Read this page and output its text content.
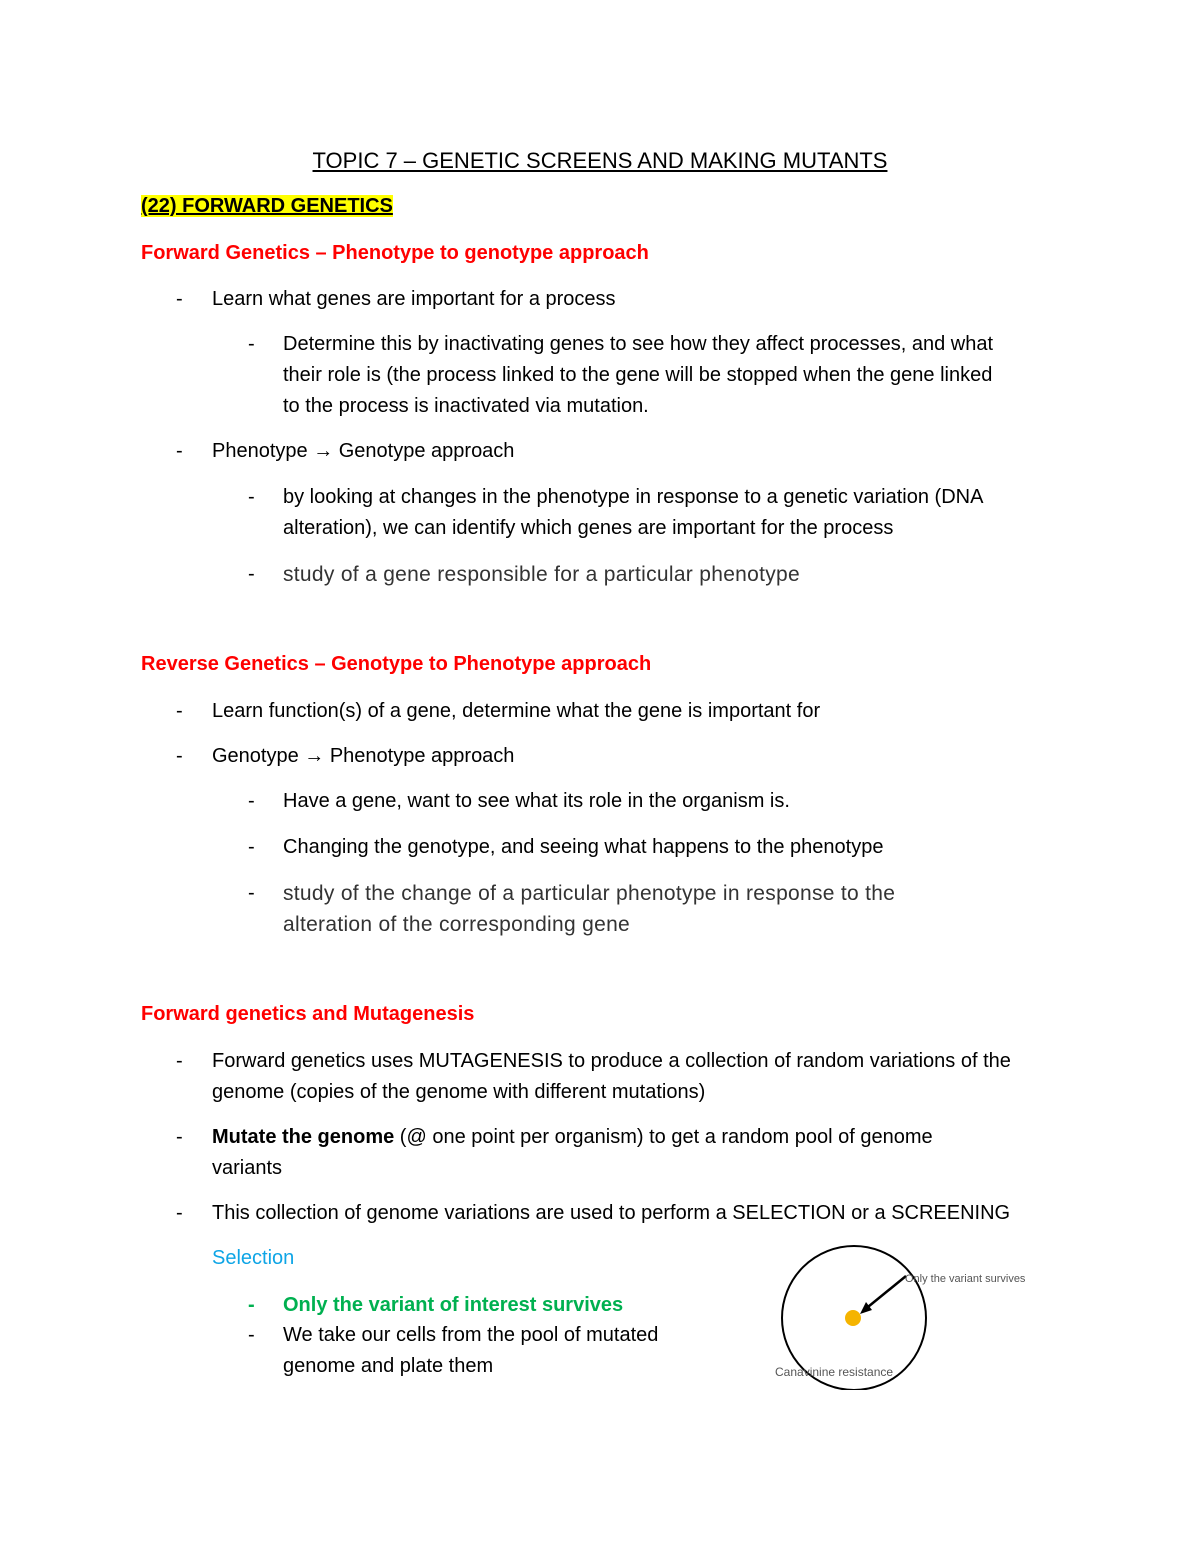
TOPIC 7 – GENETIC SCREENS AND MAKING MUTANTS
(22) FORWARD GENETICS
Forward Genetics – Phenotype to genotype approach
- Learn what genes are important for a process
- Determine this by inactivating genes to see how they affect processes, and what
their role is (the process linked to the gene will be stopped when the gene linked
to the process is inactivated via mutation.
- Phenotype → Genotype approach
- by looking at changes in the phenotype in response to a genetic variation (DNA
alteration), we can identify which genes are important for the process
- study of a gene responsible for a particular phenotype
Reverse Genetics – Genotype to Phenotype approach
- Learn function(s) of a gene, determine what the gene is important for
- Genotype → Phenotype approach
- Have a gene, want to see what its role in the organism is.
- Changing the genotype, and seeing what happens to the phenotype
- study of the change of a particular phenotype in response to the
alteration of the corresponding gene
Forward genetics and Mutagenesis
- Forward genetics uses MUTAGENESIS to produce a collection of random variations of the
genome (copies of the genome with different mutations)
- Mutate the genome (@ one point per organism) to get a random pool of genome
variants
- This collection of genome variations are used to perform a SELECTION or a SCREENING
Selection
- Only the variant of interest survives
- We take our cells from the pool of mutated
genome and plate them
Only the variant survives
Canavinine resistance
